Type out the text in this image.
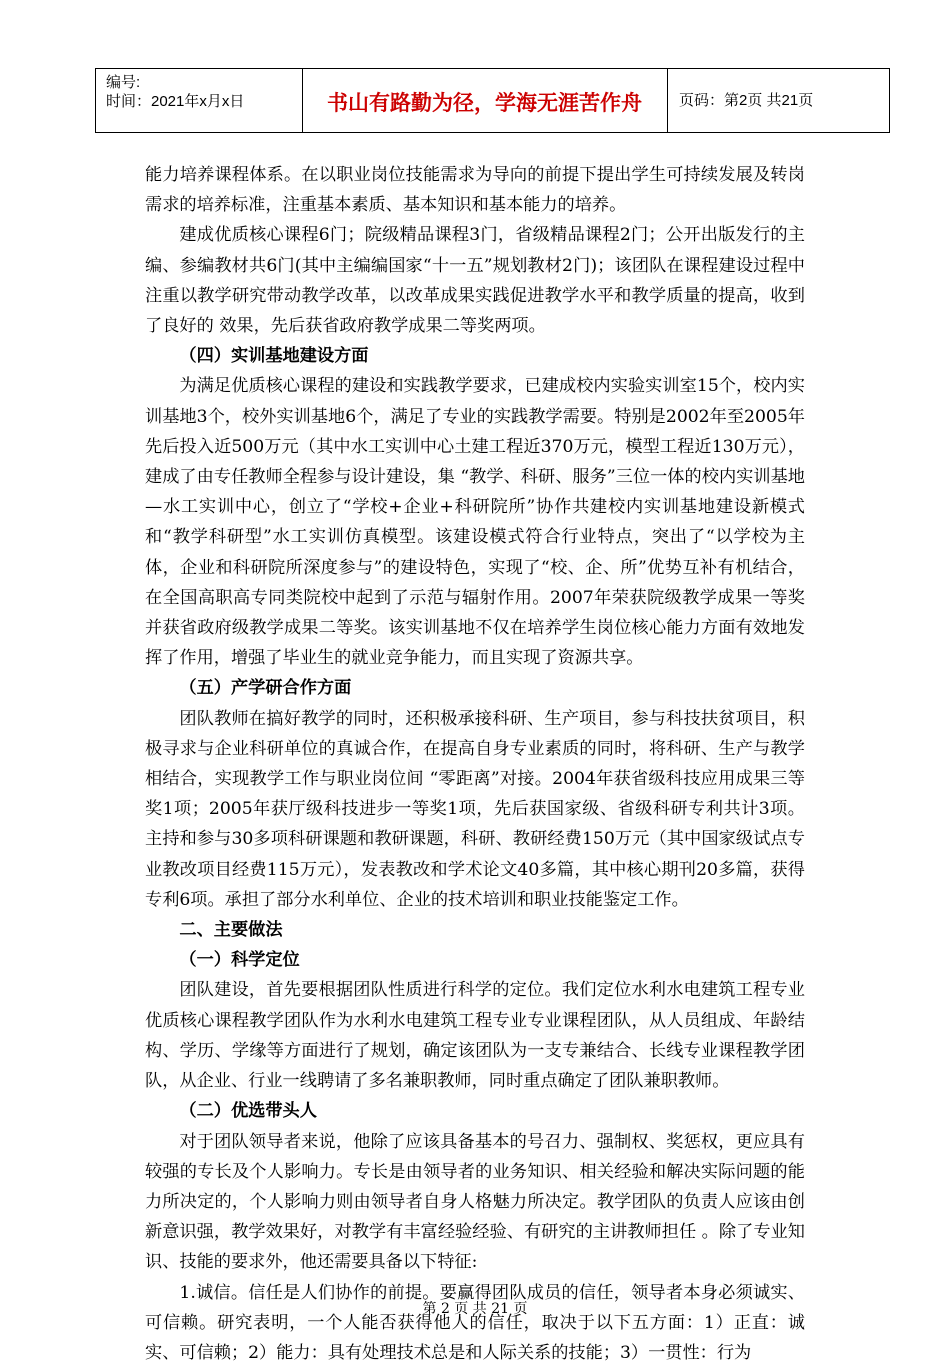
编号:
时间：2021年x月x日	书山有路勤为径，学海无涯苦作舟	页码：第2页 共21页

能力培养课程体系。在以职业岗位技能需求为导向的前提下提出学生可持续发展及转岗需求的培养标准，注重基本素质、基本知识和基本能力的培养。

建成优质核心课程6门；院级精品课程3门，省级精品课程2门；公开出版发行的主编、参编教材共6门(其中主编编国家“十一五”规划教材2门)；该团队在课程建设过程中注重以教学研究带动教学改革，以改革成果实践促进教学水平和教学质量的提高，收到了良好的 效果，先后获省政府教学成果二等奖两项。

（四）实训基地建设方面

为满足优质核心课程的建设和实践教学要求，已建成校内实验实训室15个，校内实训基地3个，校外实训基地6个，满足了专业的实践教学需要。特别是2002年至2005年先后投入近500万元（其中水工实训中心土建工程近370万元，模型工程近130万元），建成了由专任教师全程参与设计建设，集 “教学、科研、服务”三位一体的校内实训基地—水工实训中心，创立了“学校+企业+科研院所”协作共建校内实训基地建设新模式和“教学科研型”水工实训仿真模型。该建设模式符合行业特点，突出了“以学校为主体，企业和科研院所深度参与”的建设特色，实现了“校、企、所”优势互补有机结合，在全国高职高专同类院校中起到了示范与辐射作用。2007年荣获院级教学成果一等奖并获省政府级教学成果二等奖。该实训基地不仅在培养学生岗位核心能力方面有效地发挥了作用，增强了毕业生的就业竞争能力，而且实现了资源共享。

（五）产学研合作方面

团队教师在搞好教学的同时，还积极承接科研、生产项目，参与科技扶贫项目，积极寻求与企业科研单位的真诚合作，在提高自身专业素质的同时，将科研、生产与教学相结合，实现教学工作与职业岗位间 “零距离”对接。2004年获省级科技应用成果三等奖1项；2005年获厅级科技进步一等奖1项，先后获国家级、省级科研专利共计3项。主持和参与30多项科研课题和教研课题，科研、教研经费150万元（其中国家级试点专业教改项目经费115万元），发表教改和学术论文40多篇，其中核心期刊20多篇，获得专利6项。承担了部分水利单位、企业的技术培训和职业技能鉴定工作。

二、主要做法

（一）科学定位

团队建设，首先要根据团队性质进行科学的定位。我们定位水利水电建筑工程专业优质核心课程教学团队作为水利水电建筑工程专业专业课程团队，从人员组成、年龄结构、学历、学缘等方面进行了规划，确定该团队为一支专兼结合、长线专业课程教学团队，从企业、行业一线聘请了多名兼职教师，同时重点确定了团队兼职教师。

（二）优选带头人

对于团队领导者来说，他除了应该具备基本的号召力、强制权、奖惩权，更应具有较强的专长及个人影响力。专长是由领导者的业务知识、相关经验和解决实际问题的能力所决定的，个人影响力则由领导者自身人格魅力所决定。教学团队的负责人应该由创新意识强，教学效果好，对教学有丰富经验经验、有研究的主讲教师担任 。除了专业知识、技能的要求外，他还需要具备以下特征:

1.诚信。信任是人们协作的前提。要赢得团队成员的信任，领导者本身必须诚实、可信赖。研究表明，一个人能否获得他人的信任，取决于以下五方面：1）正直：诚实、可信赖；2）能力：具有处理技术总是和人际关系的技能；3）一贯性：行为

第 2 页 共 21 页
